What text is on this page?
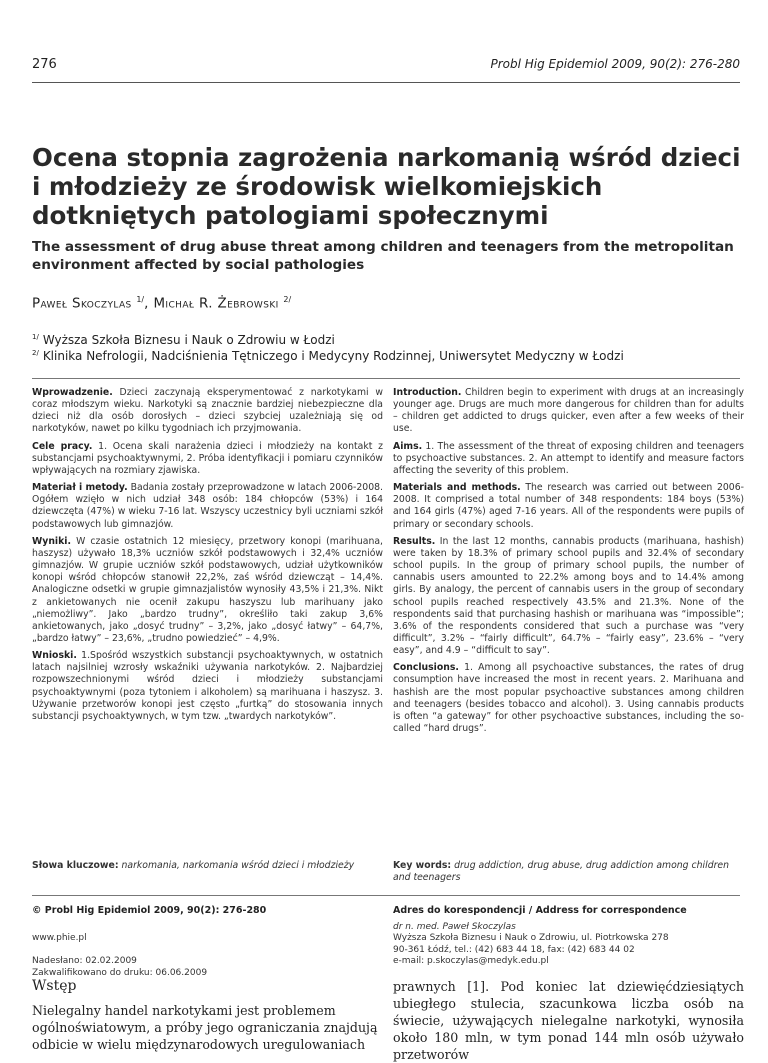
276	Probl Hig Epidemiol 2009, 90(2): 276-280
Ocena stopnia zagrożenia narkomanią wśród dzieci i młodzieży ze środowisk wielkomiejskich dotkniętych patologiami społecznymi
The assessment of drug abuse threat among children and teenagers from the metropolitan environment affected by social pathologies
Paweł Skoczylas $^{1/}$, Michał R. Żebrowski $^{2/}$
$^{1/}$ Wyższa Szkoła Biznesu i Nauk o Zdrowiu w Łodzi
$^{2/}$ Klinika Nefrologii, Nadciśnienia Tętniczego i Medycyny Rodzinnej, Uniwersytet Medyczny w Łodzi

Wprowadzenie. Dzieci zaczynają eksperymentować z narkotykami w coraz młodszym wieku. Narkotyki są znacznie bardziej niebezpieczne dla dzieci niż dla osób dorosłych – dzieci szybciej uzależniają się od narkotyków, nawet po kilku tygodniach ich przyjmowania.

Cele pracy. 1. Ocena skali narażenia dzieci i młodzieży na kontakt z substancjami psychoaktywnymi, 2. Próba identyfikacji i pomiaru czynników wpływających na rozmiary zjawiska.

Materiał i metody. Badania zostały przeprowadzone w latach 2006-2008. Ogółem wzięło w nich udział 348 osób: 184 chłopców (53%) i 164 dziewczęta (47%) w wieku 7-16 lat. Wszyscy uczestnicy byli uczniami szkół podstawowych lub gimnazjów.

Wyniki. W czasie ostatnich 12 miesięcy, przetwory konopi (marihuana, haszysz) używało 18,3% uczniów szkół podstawowych i 32,4% uczniów gimnazjów. W grupie uczniów szkół podstawowych, udział użytkowników konopi wśród chłopców stanowił 22,2%, zaś wśród dziewcząt – 14,4%. Analogiczne odsetki w grupie gimnazjalistów wynosiły 43,5% i 21,3%. Nikt z ankietowanych nie ocenił zakupu haszyszu lub marihuany jako „niemożliwy”. Jako „bardzo trudny”, określiło taki zakup 3,6% ankietowanych, jako „dosyć trudny” – 3,2%, jako „dosyć łatwy” – 64,7%, „bardzo łatwy” – 23,6%, „trudno powiedzieć” – 4,9%.

Wnioski. 1.Spośród wszystkich substancji psychoaktywnych, w ostatnich latach najsilniej wzrosły wskaźniki używania narkotyków. 2. Najbardziej rozpowszechnionymi wśród dzieci i młodzieży substancjami psychoaktywnymi (poza tytoniem i alkoholem) są marihuana i haszysz. 3. Używanie przetworów konopi jest często „furtką” do stosowania innych substancji psychoaktywnych, w tym tzw. „twardych narkotyków”.

Introduction. Children begin to experiment with drugs at an increasingly younger age. Drugs are much more dangerous for children than for adults – children get addicted to drugs quicker, even after a few weeks of their use.

Aims. 1. The assessment of the threat of exposing children and teenagers to psychoactive substances. 2. An attempt to identify and measure factors affecting the severity of this problem.

Materials and methods. The research was carried out between 2006-2008. It comprised a total number of 348 respondents: 184 boys (53%) and 164 girls (47%) aged 7-16 years. All of the respondents were pupils of primary or secondary schools.

Results. In the last 12 months, cannabis products (marihuana, hashish) were taken by 18.3% of primary school pupils and 32.4% of secondary school pupils. In the group of primary school pupils, the number of cannabis users amounted to 22.2% among boys and to 14.4% among girls. By analogy, the percent of cannabis users in the group of secondary school pupils reached respectively 43.5% and 21.3%. None of the respondents said that purchasing hashish or marihuana was “impossible”; 3.6% of the respondents considered that such a purchase was “very difficult”, 3.2% – “fairly difficult”, 64.7% – “fairly easy”, 23.6% – “very easy”, and 4.9 – “difficult to say”.

Conclusions. 1. Among all psychoactive substances, the rates of drug consumption have increased the most in recent years. 2. Marihuana and hashish are the most popular psychoactive substances among children and teenagers (besides tobacco and alcohol). 3. Using cannabis products is often “a gateway” for other psychoactive substances, including the so-called “hard drugs”.

Słowa kluczowe: narkomania, narkomania wśród dzieci i młodzieży	Key words: drug addiction, drug abuse, drug addiction among children and teenagers
© Probl Hig Epidemiol 2009, 90(2): 276-280
www.phie.pl
Nadesłano: 02.02.2009
Zakwalifikowano do druku: 06.06.2009
Adres do korespondencji / Address for correspondence
dr n. med. Paweł Skoczylas
Wyższa Szkoła Biznesu i Nauk o Zdrowiu, ul. Piotrkowska 278
90-361 Łódź, tel.: (42) 683 44 18, fax: (42) 683 44 02
e-mail: p.skoczylas@medyk.edu.pl
Wstęp
Nielegalny handel narkotykami jest problemem ogólnoświatowym, a próby jego ograniczania znajdują odbicie w wielu międzynarodowych uregulowaniach
prawnych [1]. Pod koniec lat dziewięćdziesiątych ubiegłego stulecia, szacunkowa liczba osób na świecie, używających nielegalne narkotyki, wynosiła około 180 mln, w tym ponad 144 mln osób używało przetworów
